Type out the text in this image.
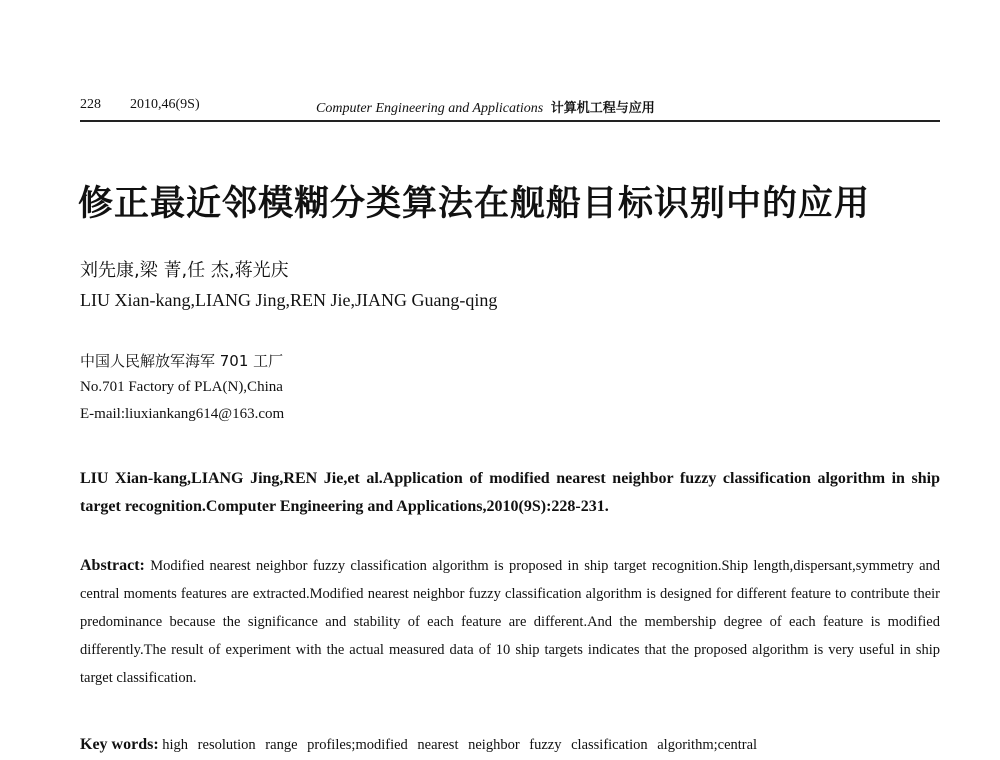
228 2010,46(9S)	Computer Engineering and Applications 计算机工程与应用
修正最近邻模糊分类算法在舰船目标识别中的应用
刘先康,梁 菁,任 杰,蒋光庆
LIU Xian-kang,LIANG Jing,REN Jie,JIANG Guang-qing
中国人民解放军海军 701 工厂
No.701 Factory of PLA(N),China
E-mail:liuxiankang614@163.com
LIU Xian-kang,LIANG Jing,REN Jie,et al.Application of modified nearest neighbor fuzzy classification algorithm in ship target recognition.Computer Engineering and Applications,2010(9S):228-231.
Abstract: Modified nearest neighbor fuzzy classification algorithm is proposed in ship target recognition.Ship length,dispersant,symmetry and central moments features are extracted.Modified nearest neighbor fuzzy classification algorithm is designed for different feature to contribute their predominance because the significance and stability of each feature are different.And the membership degree of each feature is modified differently.The result of experiment with the actual measured data of 10 ship targets indicates that the proposed algorithm is very useful in ship target classification.
Key words: high resolution range profiles;modified nearest neighbor fuzzy classification algorithm;central
